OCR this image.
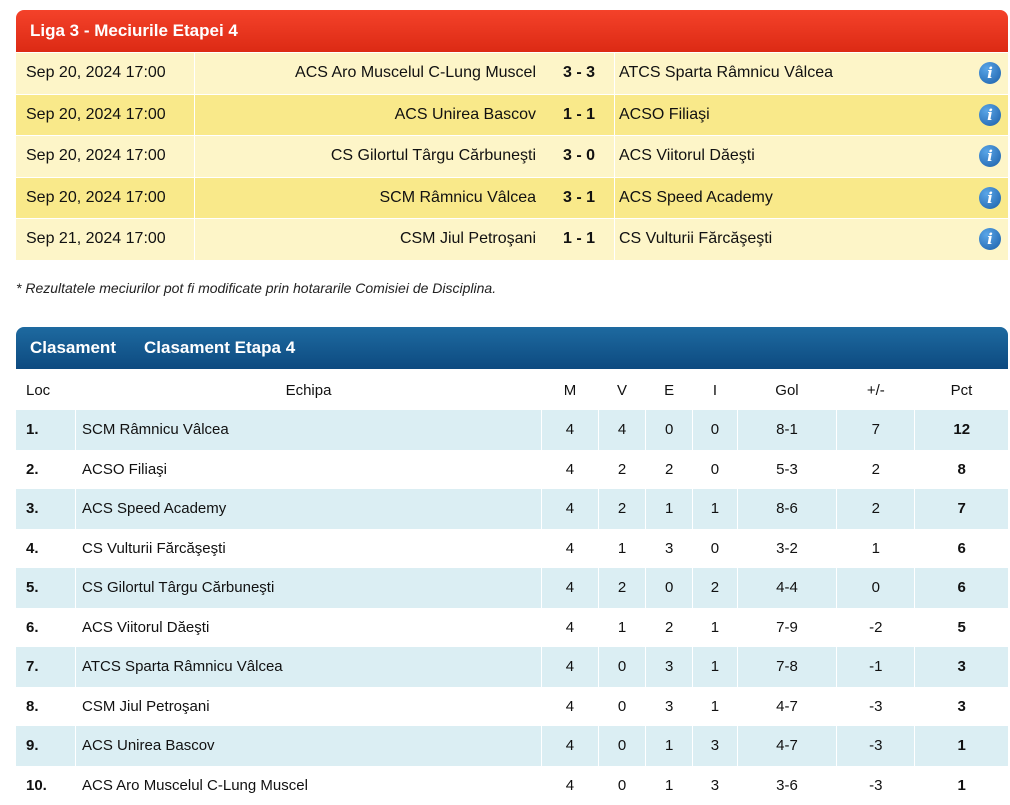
Liga 3 - Meciurile Etapei 4
Sep 20, 2024 17:00	ACS Aro Muscelul C-Lung Muscel	3 - 3	ATCS Sparta Râmnicu Vâlcea	i
Sep 20, 2024 17:00	ACS Unirea Bascov	1 - 1	ACSO Filiaşi	i
Sep 20, 2024 17:00	CS Gilortul Târgu Cărbuneşti	3 - 0	ACS Viitorul Dăeşti	i
Sep 20, 2024 17:00	SCM Râmnicu Vâlcea	3 - 1	ACS Speed Academy	i
Sep 21, 2024 17:00	CSM Jiul Petroşani	1 - 1	CS Vulturii Fărcăşeşti	i
* Rezultatele meciurilor pot fi modificate prin hotararile Comisiei de Disciplina.
Clasament Clasament Etapa 4
Loc	Echipa	M	V	E	I	Gol	+/-	Pct
1.	SCM Râmnicu Vâlcea	4	4	0	0	8-1	7	12
2.	ACSO Filiaşi	4	2	2	0	5-3	2	8
3.	ACS Speed Academy	4	2	1	1	8-6	2	7
4.	CS Vulturii Fărcăşeşti	4	1	3	0	3-2	1	6
5.	CS Gilortul Târgu Cărbuneşti	4	2	0	2	4-4	0	6
6.	ACS Viitorul Dăeşti	4	1	2	1	7-9	-2	5
7.	ATCS Sparta Râmnicu Vâlcea	4	0	3	1	7-8	-1	3
8.	CSM Jiul Petroşani	4	0	3	1	4-7	-3	3
9.	ACS Unirea Bascov	4	0	1	3	4-7	-3	1
10.	ACS Aro Muscelul C-Lung Muscel	4	0	1	3	3-6	-3	1
